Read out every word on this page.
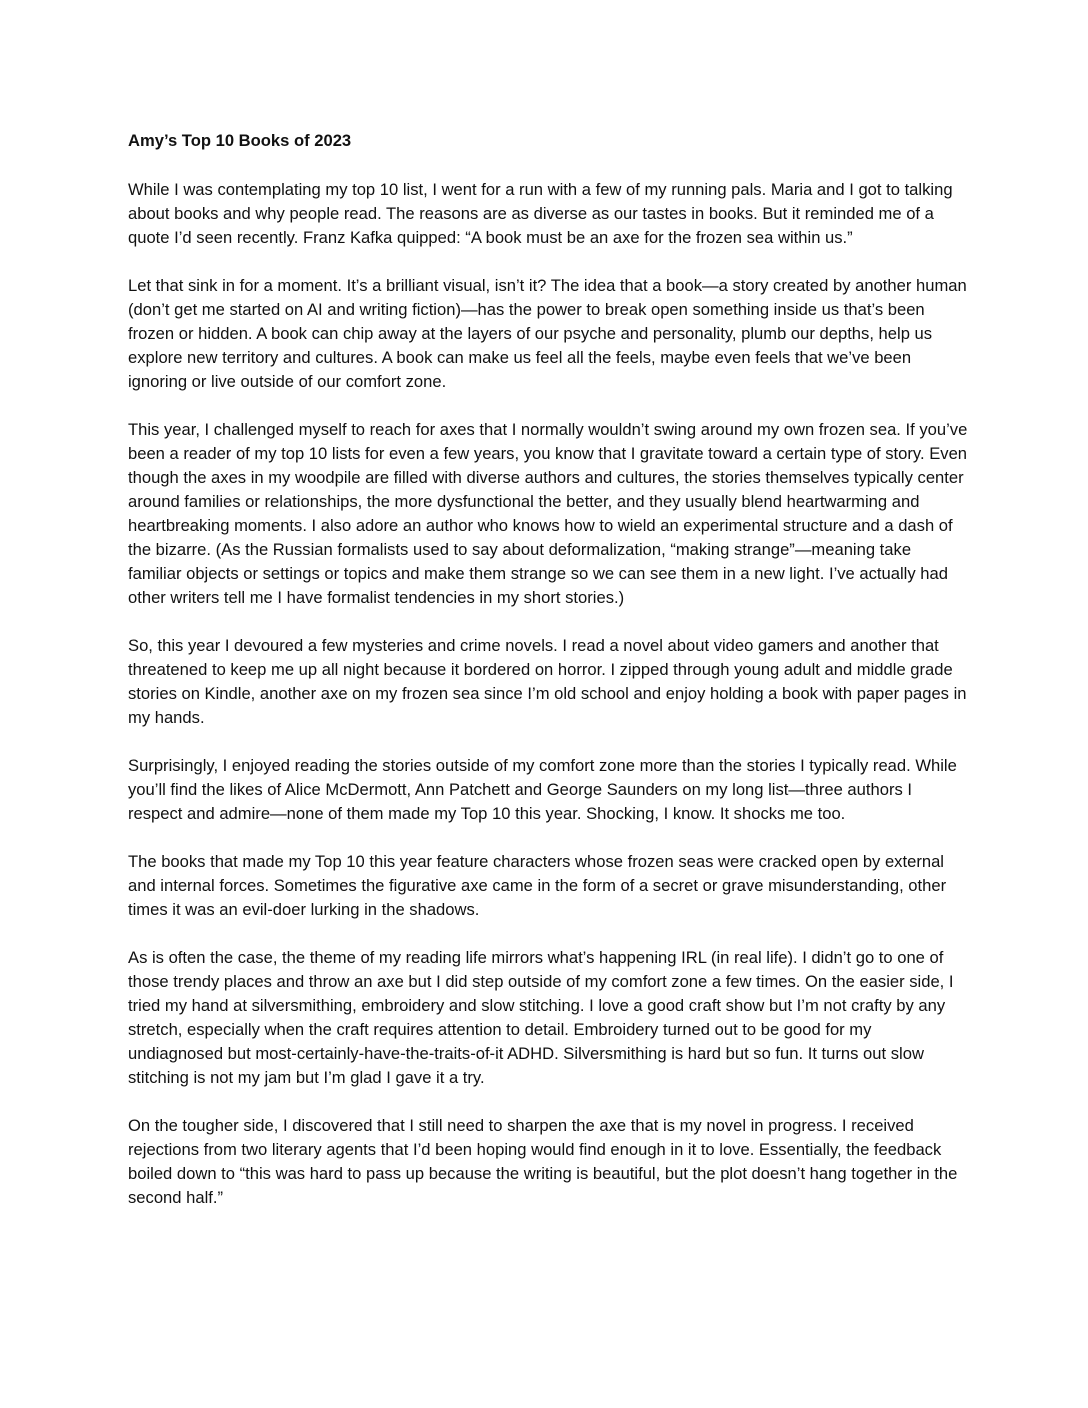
Amy’s Top 10 Books of 2023

While I was contemplating my top 10 list, I went for a run with a few of my running pals. Maria and I got to talking about books and why people read. The reasons are as diverse as our tastes in books. But it reminded me of a quote I’d seen recently. Franz Kafka quipped: “A book must be an axe for the frozen sea within us.”

Let that sink in for a moment. It’s a brilliant visual, isn’t it? The idea that a book—a story created by another human (don’t get me started on AI and writing fiction)—has the power to break open something inside us that’s been frozen or hidden. A book can chip away at the layers of our psyche and personality, plumb our depths, help us explore new territory and cultures. A book can make us feel all the feels, maybe even feels that we’ve been ignoring or live outside of our comfort zone.

This year, I challenged myself to reach for axes that I normally wouldn’t swing around my own frozen sea. If you’ve been a reader of my top 10 lists for even a few years, you know that I gravitate toward a certain type of story. Even though the axes in my woodpile are filled with diverse authors and cultures, the stories themselves typically center around families or relationships, the more dysfunctional the better, and they usually blend heartwarming and heartbreaking moments. I also adore an author who knows how to wield an experimental structure and a dash of the bizarre. (As the Russian formalists used to say about deformalization, “making strange”—meaning take familiar objects or settings or topics and make them strange so we can see them in a new light. I’ve actually had other writers tell me I have formalist tendencies in my short stories.)

So, this year I devoured a few mysteries and crime novels. I read a novel about video gamers and another that threatened to keep me up all night because it bordered on horror. I zipped through young adult and middle grade stories on Kindle, another axe on my frozen sea since I’m old school and enjoy holding a book with paper pages in my hands.

Surprisingly, I enjoyed reading the stories outside of my comfort zone more than the stories I typically read. While you’ll find the likes of Alice McDermott, Ann Patchett and George Saunders on my long list—three authors I respect and admire—none of them made my Top 10 this year. Shocking, I know. It shocks me too.

The books that made my Top 10 this year feature characters whose frozen seas were cracked open by external and internal forces. Sometimes the figurative axe came in the form of a secret or grave misunderstanding, other times it was an evil-doer lurking in the shadows.

As is often the case, the theme of my reading life mirrors what’s happening IRL (in real life). I didn’t go to one of those trendy places and throw an axe but I did step outside of my comfort zone a few times. On the easier side, I tried my hand at silversmithing, embroidery and slow stitching. I love a good craft show but I’m not crafty by any stretch, especially when the craft requires attention to detail. Embroidery turned out to be good for my undiagnosed but most-certainly-have-the-traits-of-it ADHD. Silversmithing is hard but so fun. It turns out slow stitching is not my jam but I’m glad I gave it a try.

On the tougher side, I discovered that I still need to sharpen the axe that is my novel in progress. I received rejections from two literary agents that I’d been hoping would find enough in it to love. Essentially, the feedback boiled down to “this was hard to pass up because the writing is beautiful, but the plot doesn’t hang together in the second half.”
